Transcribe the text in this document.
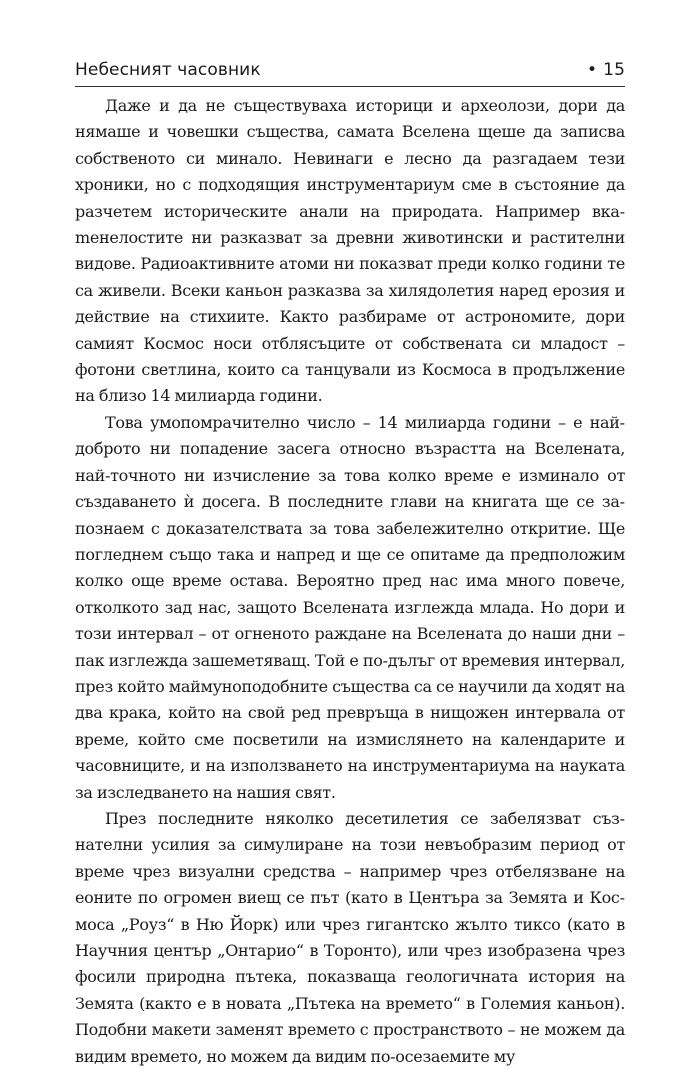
Небесният часовник	• 15

Даже и да не съществуваха историци и археолози, дори да нямаше и човешки същества, самата Вселена щеше да записва собственото си минало. Невинаги е лесно да разгадаем тези хроники, но с подходящия инструментариум сме в състояние да разчетем историческите анали на природата. Например вкаmенелостите ни разказват за древни животински и растителни видове. Радиоактивните атоми ни показват преди колко години те са живели. Всеки каньон разказва за хилядолетия наред ерозия и действие на стихиите. Както разбираме от астрономите, дори самият Космос носи отблясъците от собствената си младост – фотони светлина, които са танцували из Космоса в продължение на близо 14 милиарда години.

Това умопомрачително число – 14 милиарда години – е найдоброто ни попадение засега относно възрастта на Вселената, най-точното ни изчисление за това колко време е изминало от създаването ѝ досега. В последните глави на книгата ще се запознаем с доказателствата за това забележително откритие. Ще погледнем също така и напред и ще се опитаме да предположим колко още време остава. Вероятно пред нас има много повече, отколкото зад нас, защото Вселената изглежда млада. Но дори и този интервал – от огненото раждане на Вселената до наши дни – пак изглежда зашеметяващ. Той е по-дълъг от времевия интервал, през който маймуноподобните същества са се научили да ходят на два крака, който на свой ред превръща в нищожен интервала от време, който сме посветили на измислянето на календарите и часовниците, и на използването на инструментариума на науката за изследването на нашия свят.

През последните няколко десетилетия се забелязват съзнателни усилия за симулиране на този невъобразим период от време чрез визуални средства – например чрез отбелязване на еоните по огромен виещ се път (като в Центъра за Земята и Космоса „Роуз“ в Ню Йорк) или чрез гигантско жълто тиксо (като в Научния център „Онтарио“ в Торонто), или чрез изобразена чрез фосили природна пътека, показваща геологичната история на Земята (както е в новата „Пътека на времето“ в Големия каньон). Подобни макети заменят времето с пространството – не можем да видим времето, но можем да видим по-осезаемите му
